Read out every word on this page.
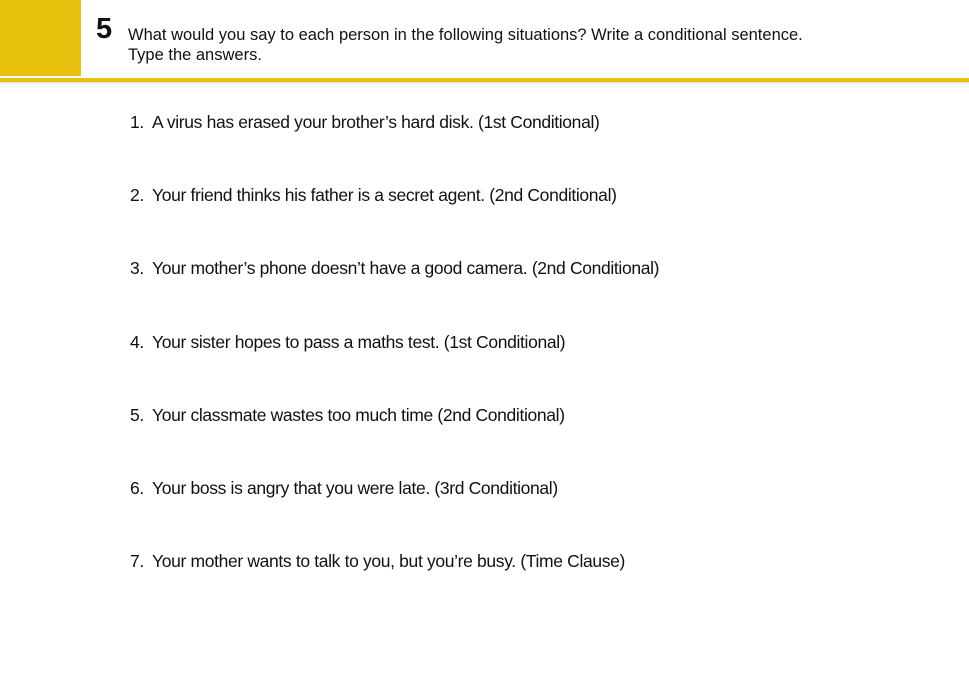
5 What would you say to each person in the following situations? Write a conditional sentence.
Type the answers.
1. A virus has erased your brother’s hard disk. (1st Conditional)
2. Your friend thinks his father is a secret agent. (2nd Conditional)
3. Your mother’s phone doesn’t have a good camera. (2nd Conditional)
4. Your sister hopes to pass a maths test. (1st Conditional)
5. Your classmate wastes too much time (2nd Conditional)
6. Your boss is angry that you were late. (3rd Conditional)
7. Your mother wants to talk to you, but you’re busy. (Time Clause)
